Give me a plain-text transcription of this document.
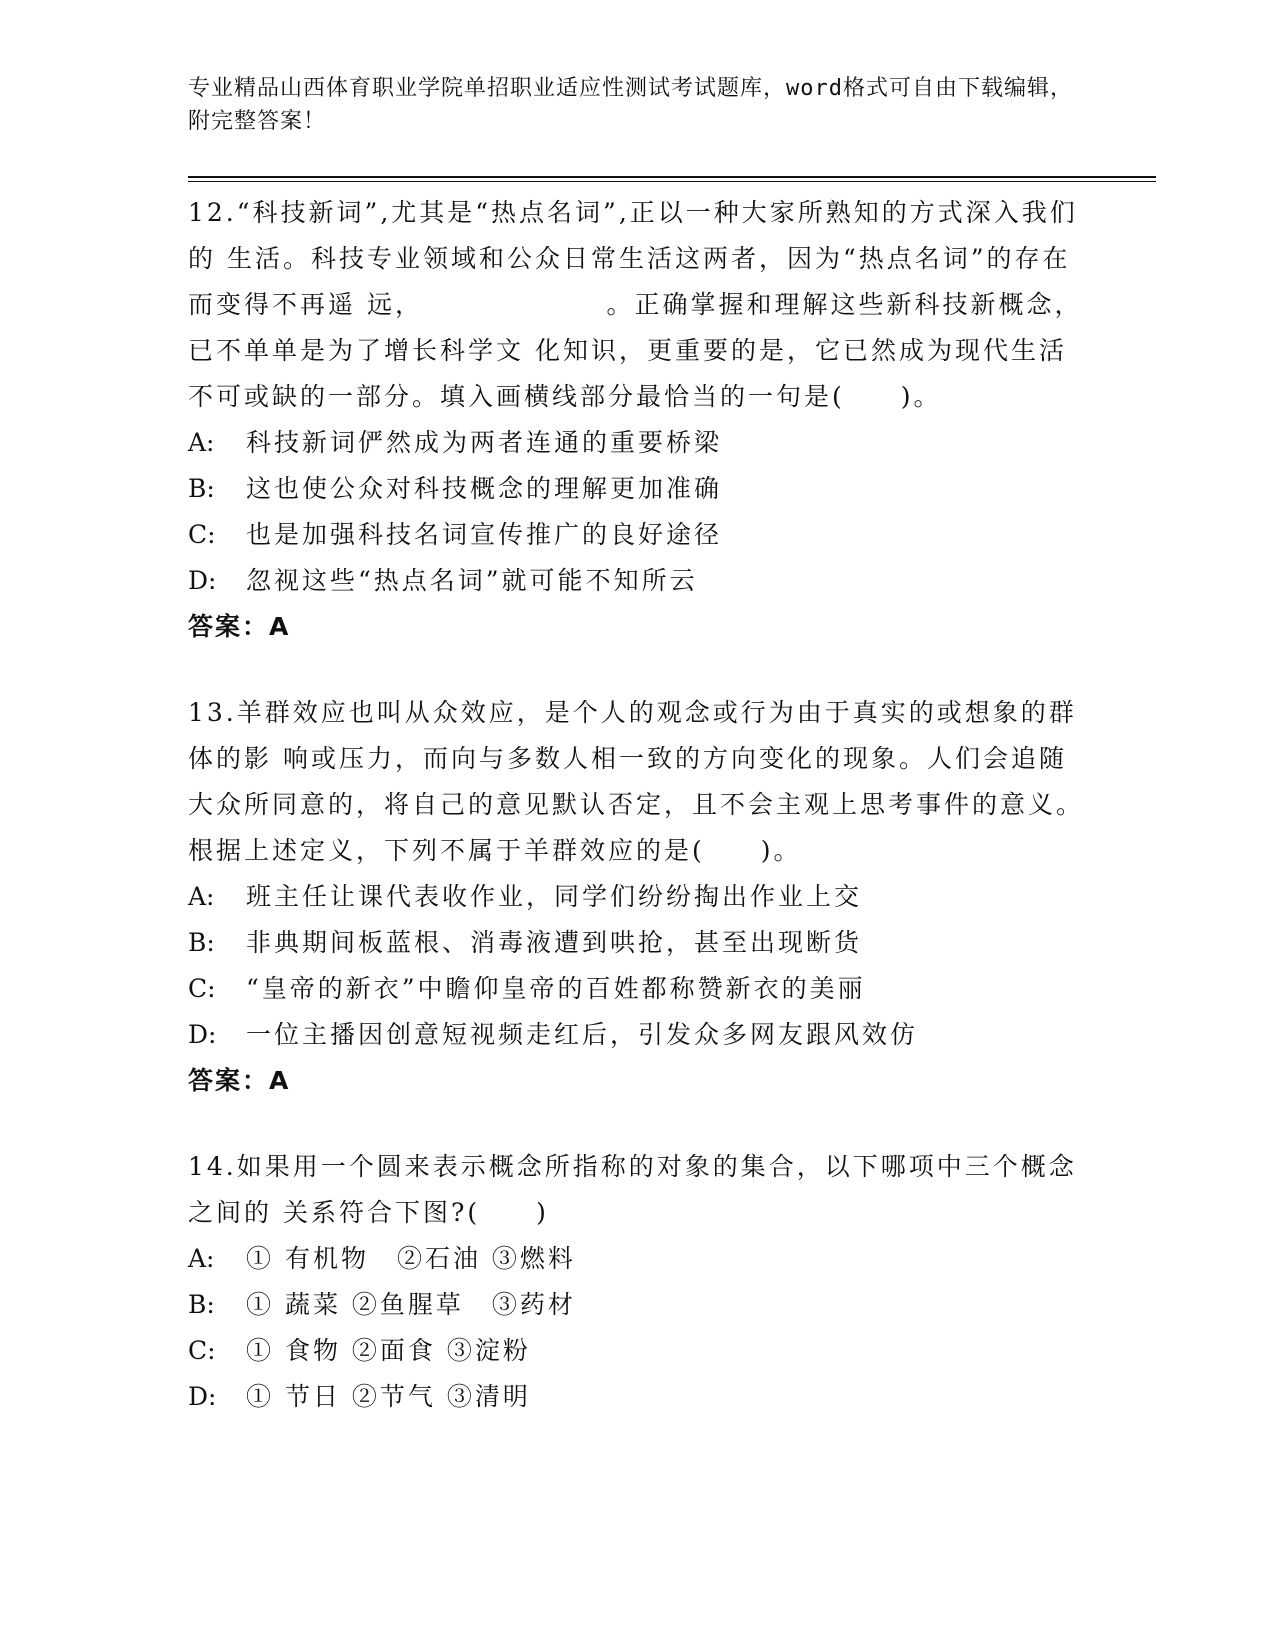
专业精品山西体育职业学院单招职业适应性测试考试题库，word格式可自由下载编辑，附完整答案！
12.“科技新词”,尤其是“热点名词”,正以一种大家所熟知的方式深入我们的 生活。科技专业领域和公众日常生活这两者，因为“热点名词”的存在而变得不再遥 远，　　　　　　　。正确掌握和理解这些新科技新概念，已不单单是为了增长科学文 化知识，更重要的是，它已然成为现代生活不可或缺的一部分。填入画横线部分最恰当的一句是(　　)。
A: 科技新词俨然成为两者连通的重要桥梁
B: 这也使公众对科技概念的理解更加准确
C: 也是加强科技名词宣传推广的良好途径
D: 忽视这些“热点名词”就可能不知所云
答案：A
13.羊群效应也叫从众效应，是个人的观念或行为由于真实的或想象的群体的影 响或压力，而向与多数人相一致的方向变化的现象。人们会追随大众所同意的，将自己的意见默认否定，且不会主观上思考事件的意义。根据上述定义，下列不属于羊群效应的是(　　)。
A: 班主任让课代表收作业，同学们纷纷掏出作业上交
B: 非典期间板蓝根、消毒液遭到哄抢，甚至出现断货
C: “皇帝的新衣”中瞻仰皇帝的百姓都称赞新衣的美丽
D: 一位主播因创意短视频走红后，引发众多网友跟风效仿
答案：A
14.如果用一个圆来表示概念所指称的对象的集合，以下哪项中三个概念之间的 关系符合下图?(　　)
A: ① 有机物　②石油 ③燃料
B: ① 蔬菜 ②鱼腥草　③药材
C: ① 食物 ②面食 ③淀粉
D: ① 节日 ②节气 ③清明
